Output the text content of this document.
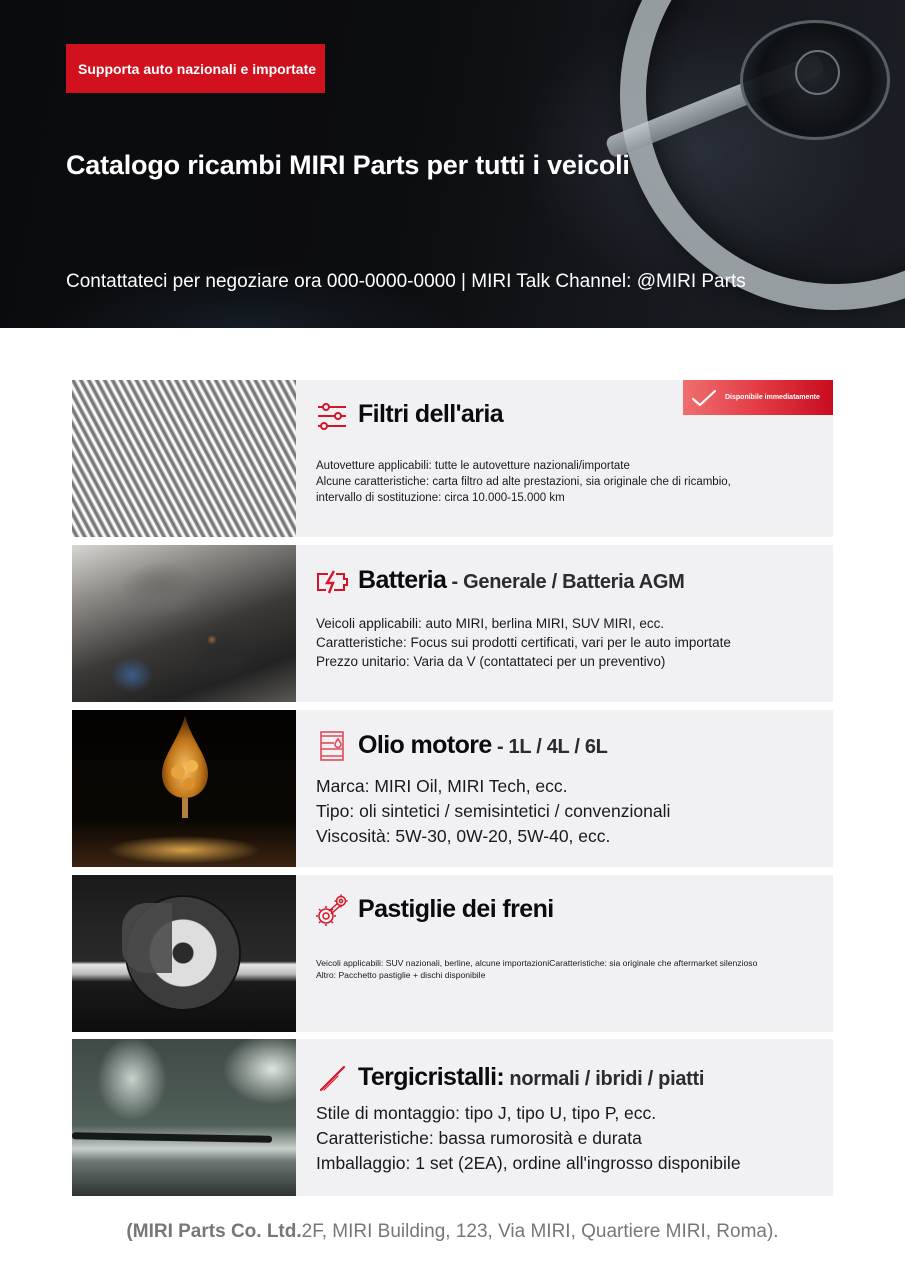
Supporta auto nazionali e importate
Catalogo ricambi MIRI Parts per tutti i veicoli
Contattateci per negoziare ora 000-0000-0000 | MIRI Talk Channel: @MIRI Parts
Disponibile immediatamente
Filtri dell'aria
Autovetture applicabili: tutte le autovetture nazionali/importate
Alcune caratteristiche: carta filtro ad alte prestazioni, sia originale che di ricambio,
intervallo di sostituzione: circa 10.000-15.000 km
Batteria - Generale / Batteria AGM
Veicoli applicabili: auto MIRI, berlina MIRI, SUV MIRI, ecc.
Caratteristiche: Focus sui prodotti certificati, vari per le auto importate
Prezzo unitario: Varia da V (contattateci per un preventivo)
Olio motore - 1L / 4L / 6L
Marca: MIRI Oil, MIRI Tech, ecc.
Tipo: oli sintetici / semisintetici / convenzionali
Viscosità: 5W-30, 0W-20, 5W-40, ecc.
Pastiglie dei freni
Veicoli applicabili: SUV nazionali, berline, alcune importazioniCaratteristiche: sia originale che aftermarket silenzioso
Altro: Pacchetto pastiglie + dischi disponibile
Tergicristalli: normali / ibridi / piatti
Stile di montaggio: tipo J, tipo U, tipo P, ecc.
Caratteristiche: bassa rumorosità e durata
Imballaggio: 1 set (2EA), ordine all'ingrosso disponibile
(MIRI Parts Co. Ltd.2F, MIRI Building, 123, Via MIRI, Quartiere MIRI, Roma).
